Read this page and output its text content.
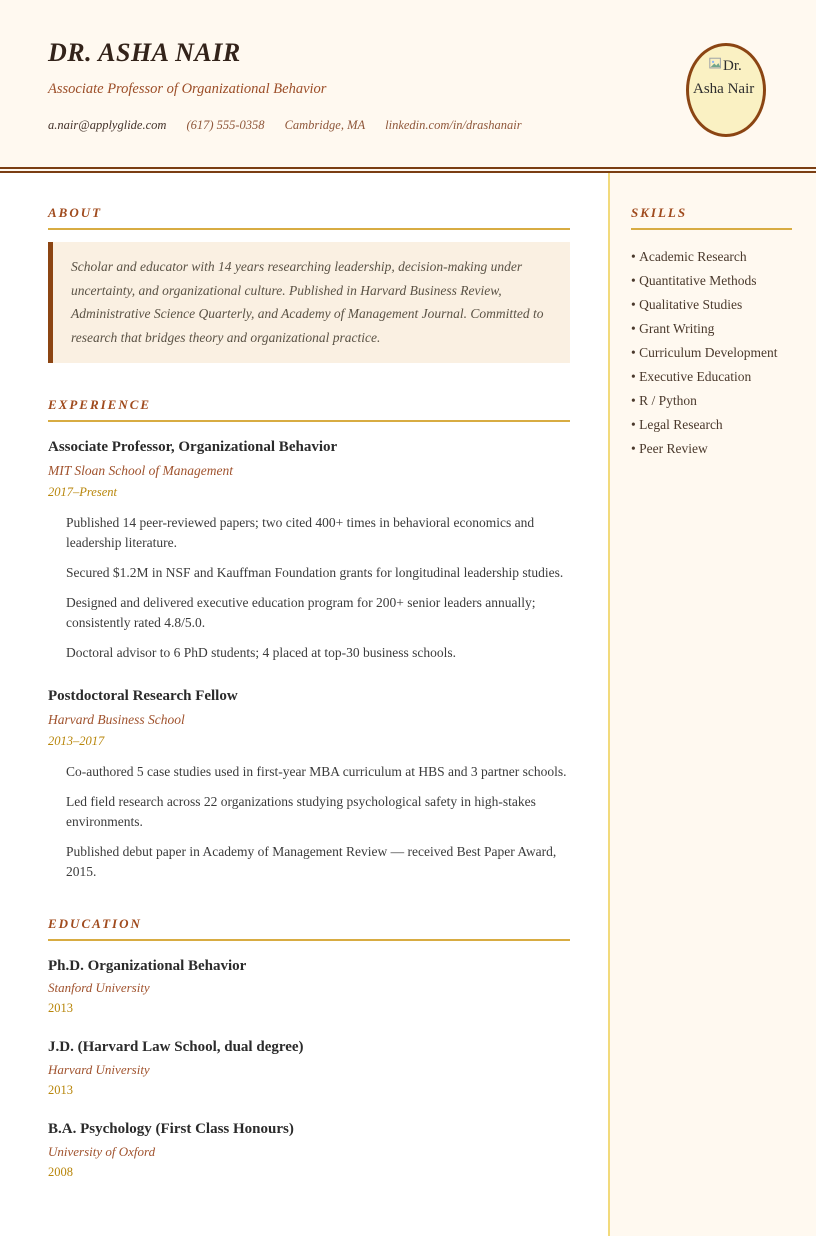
DR. ASHA NAIR

Associate Professor of Organizational Behavior

a.nair@applyglide.com (617) 555-0358 Cambridge, MA linkedin.com/in/drashanair
Dr. Asha Nair
ABOUT
Scholar and educator with 14 years researching leadership, decision-making under uncertainty, and organizational culture. Published in Harvard Business Review, Administrative Science Quarterly, and Academy of Management Journal. Committed to research that bridges theory and organizational practice.
EXPERIENCE
Associate Professor, Organizational Behavior

MIT Sloan School of Management

2017–Present

Published 14 peer-reviewed papers; two cited 400+ times in behavioral economics and leadership literature.
Secured $1.2M in NSF and Kauffman Foundation grants for longitudinal leadership studies.
Designed and delivered executive education program for 200+ senior leaders annually; consistently rated 4.8/5.0.
Doctoral advisor to 6 PhD students; 4 placed at top-30 business schools.
Postdoctoral Research Fellow

Harvard Business School

2013–2017

Co-authored 5 case studies used in first-year MBA curriculum at HBS and 3 partner schools.
Led field research across 22 organizations studying psychological safety in high-stakes environments.
Published debut paper in Academy of Management Review — received Best Paper Award, 2015.
EDUCATION
Ph.D. Organizational Behavior

Stanford University

2013

J.D. (Harvard Law School, dual degree)

Harvard University

2013

B.A. Psychology (First Class Honours)

University of Oxford

2008

SKILLS
• Academic Research
• Quantitative Methods
• Qualitative Studies
• Grant Writing
• Curriculum Development
• Executive Education
• R / Python
• Legal Research
• Peer Review
